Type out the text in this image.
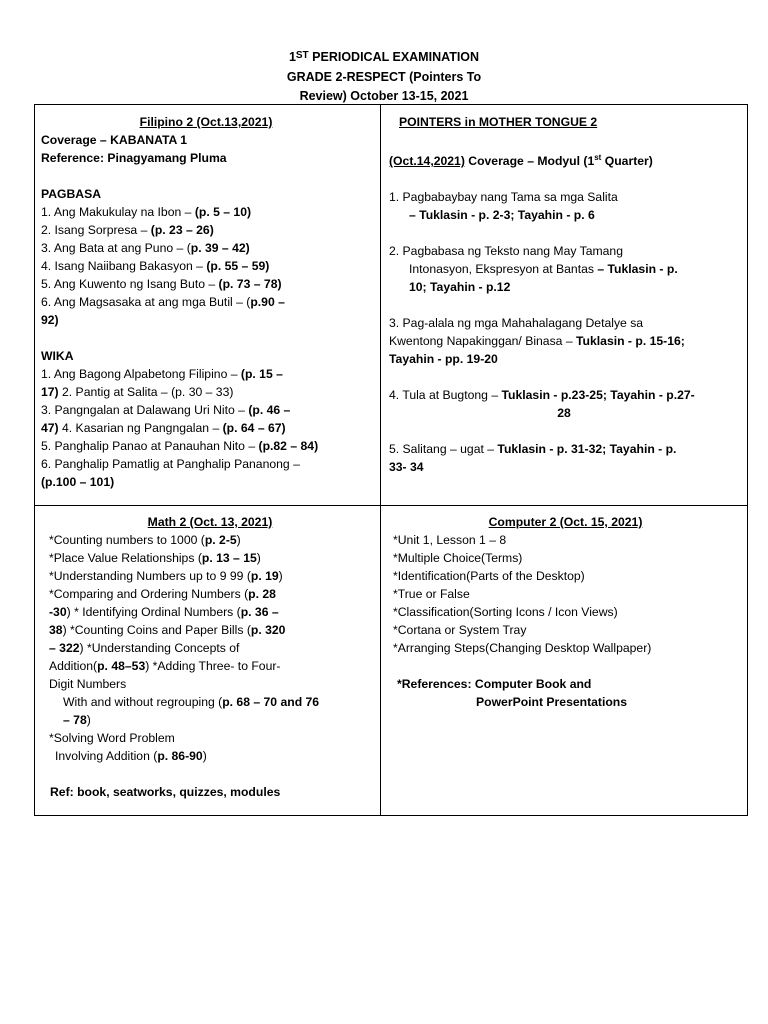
1ST PERIODICAL EXAMINATION
GRADE 2-RESPECT (Pointers To
Review) October 13-15, 2021
Filipino 2 (Oct.13,2021)
Coverage – KABANATA 1
Reference: Pinagyamang Pluma
PAGBASA
1. Ang Makukulay na Ibon – (p. 5 – 10)
2. Isang Sorpresa – (p. 23 – 26)
3. Ang Bata at ang Puno – (p. 39 – 42)
4. Isang Naiibang Bakasyon – (p. 55 – 59)
5. Ang Kuwento ng Isang Buto – (p. 73 – 78)
6. Ang Magsasaka at ang mga Butil – (p.90 –
92)
WIKA
1. Ang Bagong Alpabetong Filipino – (p. 15 –
17) 2. Pantig at Salita – (p. 30 – 33)
3. Pangngalan at Dalawang Uri Nito – (p. 46 –
47) 4. Kasarian ng Pangngalan – (p. 64 – 67)
5. Panghalip Panao at Panauhan Nito – (p.82 – 84)
6. Panghalip Pamatlig at Panghalip Pananong –
(p.100 – 101)
POINTERS in MOTHER TONGUE 2
(Oct.14,2021) Coverage – Modyul (1st Quarter)
1. Pagbabaybay nang Tama sa mga Salita
– Tuklasin - p. 2-3; Tayahin - p. 6
2. Pagbabasa ng Teksto nang May Tamang
Intonasyon, Ekspresyon at Bantas – Tuklasin - p.
10; Tayahin - p.12
3. Pag-alala ng mga Mahahalagang Detalye sa
Kwentong Napakinggan/ Binasa – Tuklasin - p. 15-16;
Tayahin - pp. 19-20
4. Tula at Bugtong – Tuklasin - p.23-25; Tayahin - p.27-
28
5. Salitang – ugat – Tuklasin - p. 31-32; Tayahin - p.
33- 34
Math 2 (Oct. 13, 2021)
*Counting numbers to 1000 (p. 2-5)
*Place Value Relationships (p. 13 – 15)
*Understanding Numbers up to 9 99 (p. 19)
*Comparing and Ordering Numbers (p. 28
-30) * Identifying Ordinal Numbers (p. 36 –
38) *Counting Coins and Paper Bills (p. 320
– 322) *Understanding Concepts of
Addition(p. 48–53) *Adding Three- to Four-
Digit Numbers
With and without regrouping (p. 68 – 70 and 76
– 78)
*Solving Word Problem
Involving Addition (p. 86-90)
Ref: book, seatworks, quizzes, modules
Computer 2 (Oct. 15, 2021)
*Unit 1, Lesson 1 – 8
*Multiple Choice(Terms)
*Identification(Parts of the Desktop)
*True or False
*Classification(Sorting Icons / Icon Views)
*Cortana or System Tray
*Arranging Steps(Changing Desktop Wallpaper)
*References: Computer Book and
PowerPoint Presentations
